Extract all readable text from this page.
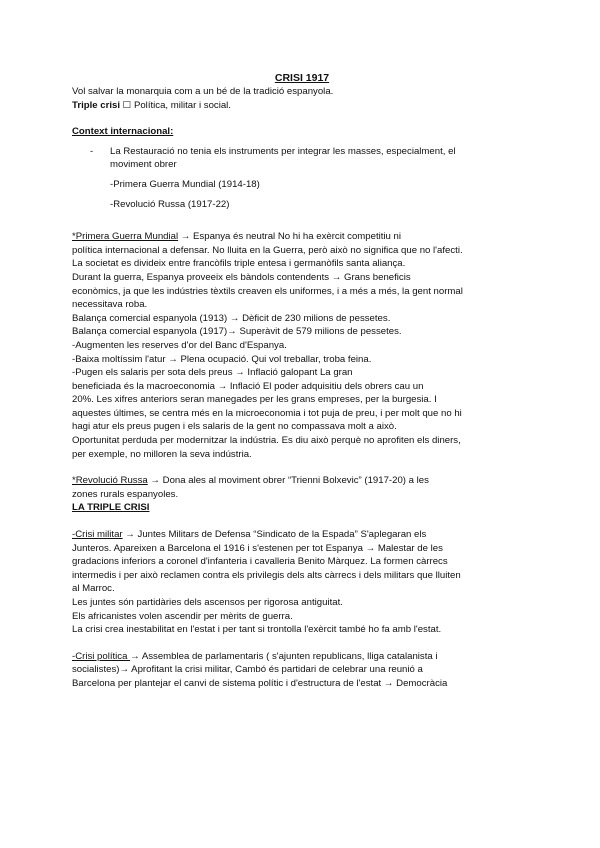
CRISI 1917
Vol salvar la monarquia com a un bé de la tradició espanyola.
Triple crisi ☐ Política, militar i social.
Context internacional:
- La Restauració no tenia els instruments per integrar les masses, especialment, el
moviment obrer
-Primera Guerra Mundial (1914-18)
-Revolució Russa (1917-22)
*Primera Guerra Mundial → Espanya és neutral No hi ha exèrcit competitiu ni
política internacional a defensar. No lluita en la Guerra, però això no significa que no l'afecti.
La societat es divideix entre francòfils triple entesa i germanòfils santa aliança.
Durant la guerra, Espanya proveeix els bàndols contendents → Grans beneficis
econòmics, ja que les indústries tèxtils creaven els uniformes, i a més a més, la gent normal
necessitava roba.
Balança comercial espanyola (1913) → Dèficit de 230 milions de pessetes.
Balança comercial espanyola (1917)→ Superàvit de 579 milions de pessetes.
-Augmenten les reserves d'or del Banc d'Espanya.
-Baixa moltíssim l'atur → Plena ocupació. Qui vol treballar, troba feina.
-Pugen els salaris per sota dels preus → Inflació galopant La gran
beneficiada és la macroeconomia → Inflació El poder adquisitiu dels obrers cau un
20%. Les xifres anteriors seran manegades per les grans empreses, per la burgesia. I
aquestes últimes, se centra més en la microeconomia i tot puja de preu, i per molt que no hi
hagi atur els preus pugen i els salaris de la gent no compassava molt a això.
Oportunitat perduda per modernitzar la indústria. Es diu això perquè no aprofiten els diners,
per exemple, no milloren la seva indústria.
*Revolució Russa → Dona ales al moviment obrer “Trienni Bolxevic” (1917-20) a les
zones rurals espanyoles.
LA TRIPLE CRISI
-Crisi militar → Juntes Militars de Defensa “Sindicato de la Espada” S'aplegaran els
Junteros. Apareixen a Barcelona el 1916 i s'estenen per tot Espanya → Malestar de les
gradacions inferiors a coronel d'infanteria i cavalleria Benito Màrquez. La formen càrrecs
intermedis i per això reclamen contra els privilegis dels alts càrrecs i dels militars que lluiten
al Marroc.
Les juntes són partidàries dels ascensos per rigorosa antiguitat.
Els africanistes volen ascendir per mèrits de guerra.
La crisi crea inestabilitat en l'estat i per tant si trontolla l'exèrcit també ho fa amb l'estat.
-Crisi política → Assemblea de parlamentaris ( s'ajunten republicans, lliga catalanista i
socialistes)→ Aprofitant la crisi militar, Cambó és partidari de celebrar una reunió a
Barcelona per plantejar el canvi de sistema polític i d'estructura de l'estat → Democràcia
